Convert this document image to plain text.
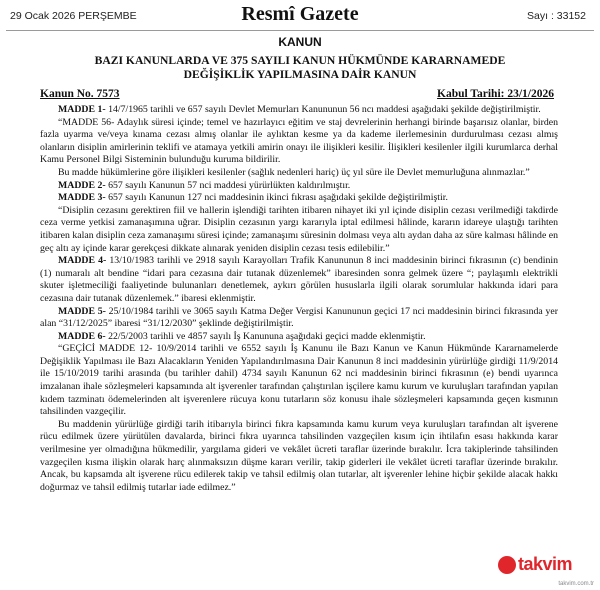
29 Ocak 2026 PERŞEMBE	Resmî Gazete	Sayı : 33152
KANUN
BAZI KANUNLARDA VE 375 SAYILI KANUN HÜKMÜNDE KARARNAMEDE
DEĞİŞİKLİK YAPILMASINA DAİR KANUN
Kanun No. 7573	Kabul Tarihi: 23/1/2026

MADDE 1- 14/7/1965 tarihli ve 657 sayılı Devlet Memurları Kanununun 56 ncı maddesi aşağıdaki şekilde değiştirilmiştir.

“MADDE 56- Adaylık süresi içinde; temel ve hazırlayıcı eğitim ve staj devrelerinin herhangi birinde başarısız olanlar, birden fazla uyarma ve/veya kınama cezası almış olanlar ile aylıktan kesme ya da kademe ilerlemesinin durdurulması cezası almış olanların disiplin amirlerinin teklifi ve atamaya yetkili amirin onayı ile ilişikleri kesilir. İlişikleri kesilenler ilgili kurumlarca derhal Kamu Personel Bilgi Sisteminin bulunduğu kuruma bildirilir.

Bu madde hükümlerine göre ilişikleri kesilenler (sağlık nedenleri hariç) üç yıl süre ile Devlet memurluğuna alınmazlar.”

MADDE 2- 657 sayılı Kanunun 57 nci maddesi yürürlükten kaldırılmıştır.

MADDE 3- 657 sayılı Kanunun 127 nci maddesinin ikinci fıkrası aşağıdaki şekilde değiştirilmiştir.

“Disiplin cezasını gerektiren fiil ve hallerin işlendiği tarihten itibaren nihayet iki yıl içinde disiplin cezası verilmediği takdirde ceza verme yetkisi zamanaşımına uğrar. Disiplin cezasının yargı kararıyla iptal edilmesi hâlinde, kararın idareye ulaştığı tarihten itibaren kalan disiplin ceza zamanaşımı süresi içinde; zamanaşımı süresinin dolması veya altı aydan daha az süre kalması hâlinde en geç altı ay içinde karar gerekçesi dikkate alınarak yeniden disiplin cezası tesis edilebilir.”

MADDE 4- 13/10/1983 tarihli ve 2918 sayılı Karayolları Trafik Kanununun 8 inci maddesinin birinci fıkrasının (c) bendinin (1) numaralı alt bendine “idari para cezasına dair tutanak düzenlemek” ibaresinden sonra gelmek üzere “; paylaşımlı elektrikli skuter işletmeciliği faaliyetinde bulunanları denetlemek, aykırı görülen hususlarla ilgili olarak sorumlular hakkında idari para cezasına dair tutanak düzenlemek.” ibaresi eklenmiştir.

MADDE 5- 25/10/1984 tarihli ve 3065 sayılı Katma Değer Vergisi Kanununun geçici 17 nci maddesinin birinci fıkrasında yer alan “31/12/2025” ibaresi “31/12/2030” şeklinde değiştirilmiştir.

MADDE 6- 22/5/2003 tarihli ve 4857 sayılı İş Kanununa aşağıdaki geçici madde eklenmiştir.

“GEÇİCİ MADDE 12- 10/9/2014 tarihli ve 6552 sayılı İş Kanunu ile Bazı Kanun ve Kanun Hükmünde Kararnamelerde Değişiklik Yapılması ile Bazı Alacakların Yeniden Yapılandırılmasına Dair Kanunun 8 inci maddesinin yürürlüğe girdiği 11/9/2014 ile 15/10/2019 tarihi arasında (bu tarihler dahil) 4734 sayılı Kanunun 62 nci maddesinin birinci fıkrasının (e) bendi uyarınca imzalanan ihale sözleşmeleri kapsamında alt işverenler tarafından çalıştırılan işçilere kamu kurum ve kuruluşları tarafından yapılan kıdem tazminatı ödemelerinden alt işverenlere rücuya konu tutarların söz konusu ihale sözleşmeleri kapsamında geçen kısmının tahsilinden vazgeçilir.

Bu maddenin yürürlüğe girdiği tarih itibarıyla birinci fıkra kapsamında kamu kurum veya kuruluşları tarafından alt işverene rücu edilmek üzere yürütülen davalarda, birinci fıkra uyarınca tahsilinden vazgeçilen kısım için ihtilafın esası hakkında karar verilmesine yer olmadığına hükmedilir, yargılama gideri ve vekâlet ücreti taraflar üzerinde bırakılır. İcra takiplerinde tahsilinden vazgeçilen kısma ilişkin olarak harç alınmaksızın düşme kararı verilir, takip giderleri ile vekâlet ücreti taraflar üzerinde bırakılır. Ancak, bu kapsamda alt işverene rücu edilerek takip ve tahsil edilmiş olan tutarlar, alt işverenler lehine hiçbir şekilde alacak hakkı doğurmaz ve tahsil edilmiş tutarlar iade edilmez.”

takvim
takvim.com.tr
